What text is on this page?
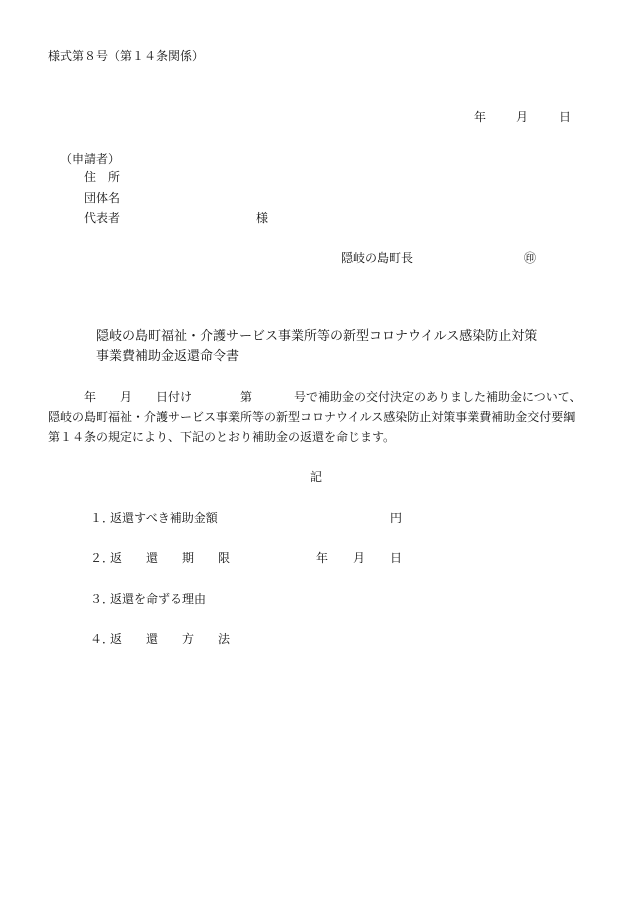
様式第８号（第１４条関係）
年 月	日
（申請者）
住　所
団体名
代表者	様
隠岐の島町長	㊞
隠岐の島町福祉・介護サービス事業所等の新型コロナウイルス感染防止対策
事業費補助金返還命令書
年 月 日付け	第	号で補助金の交付決定のありました補助金について、
隠岐の島町福祉・介護サービス事業所等の新型コロナウイルス感染防止対策事業費補助金交付要綱
第１４条の規定により、下記のとおり補助金の返還を命じます。
記
１．
返還すべき補助金額	円
２．
返　　還　　期　　限	年 月 日
３．
返還を命ずる理由
４．
返　　還　　方　　法
